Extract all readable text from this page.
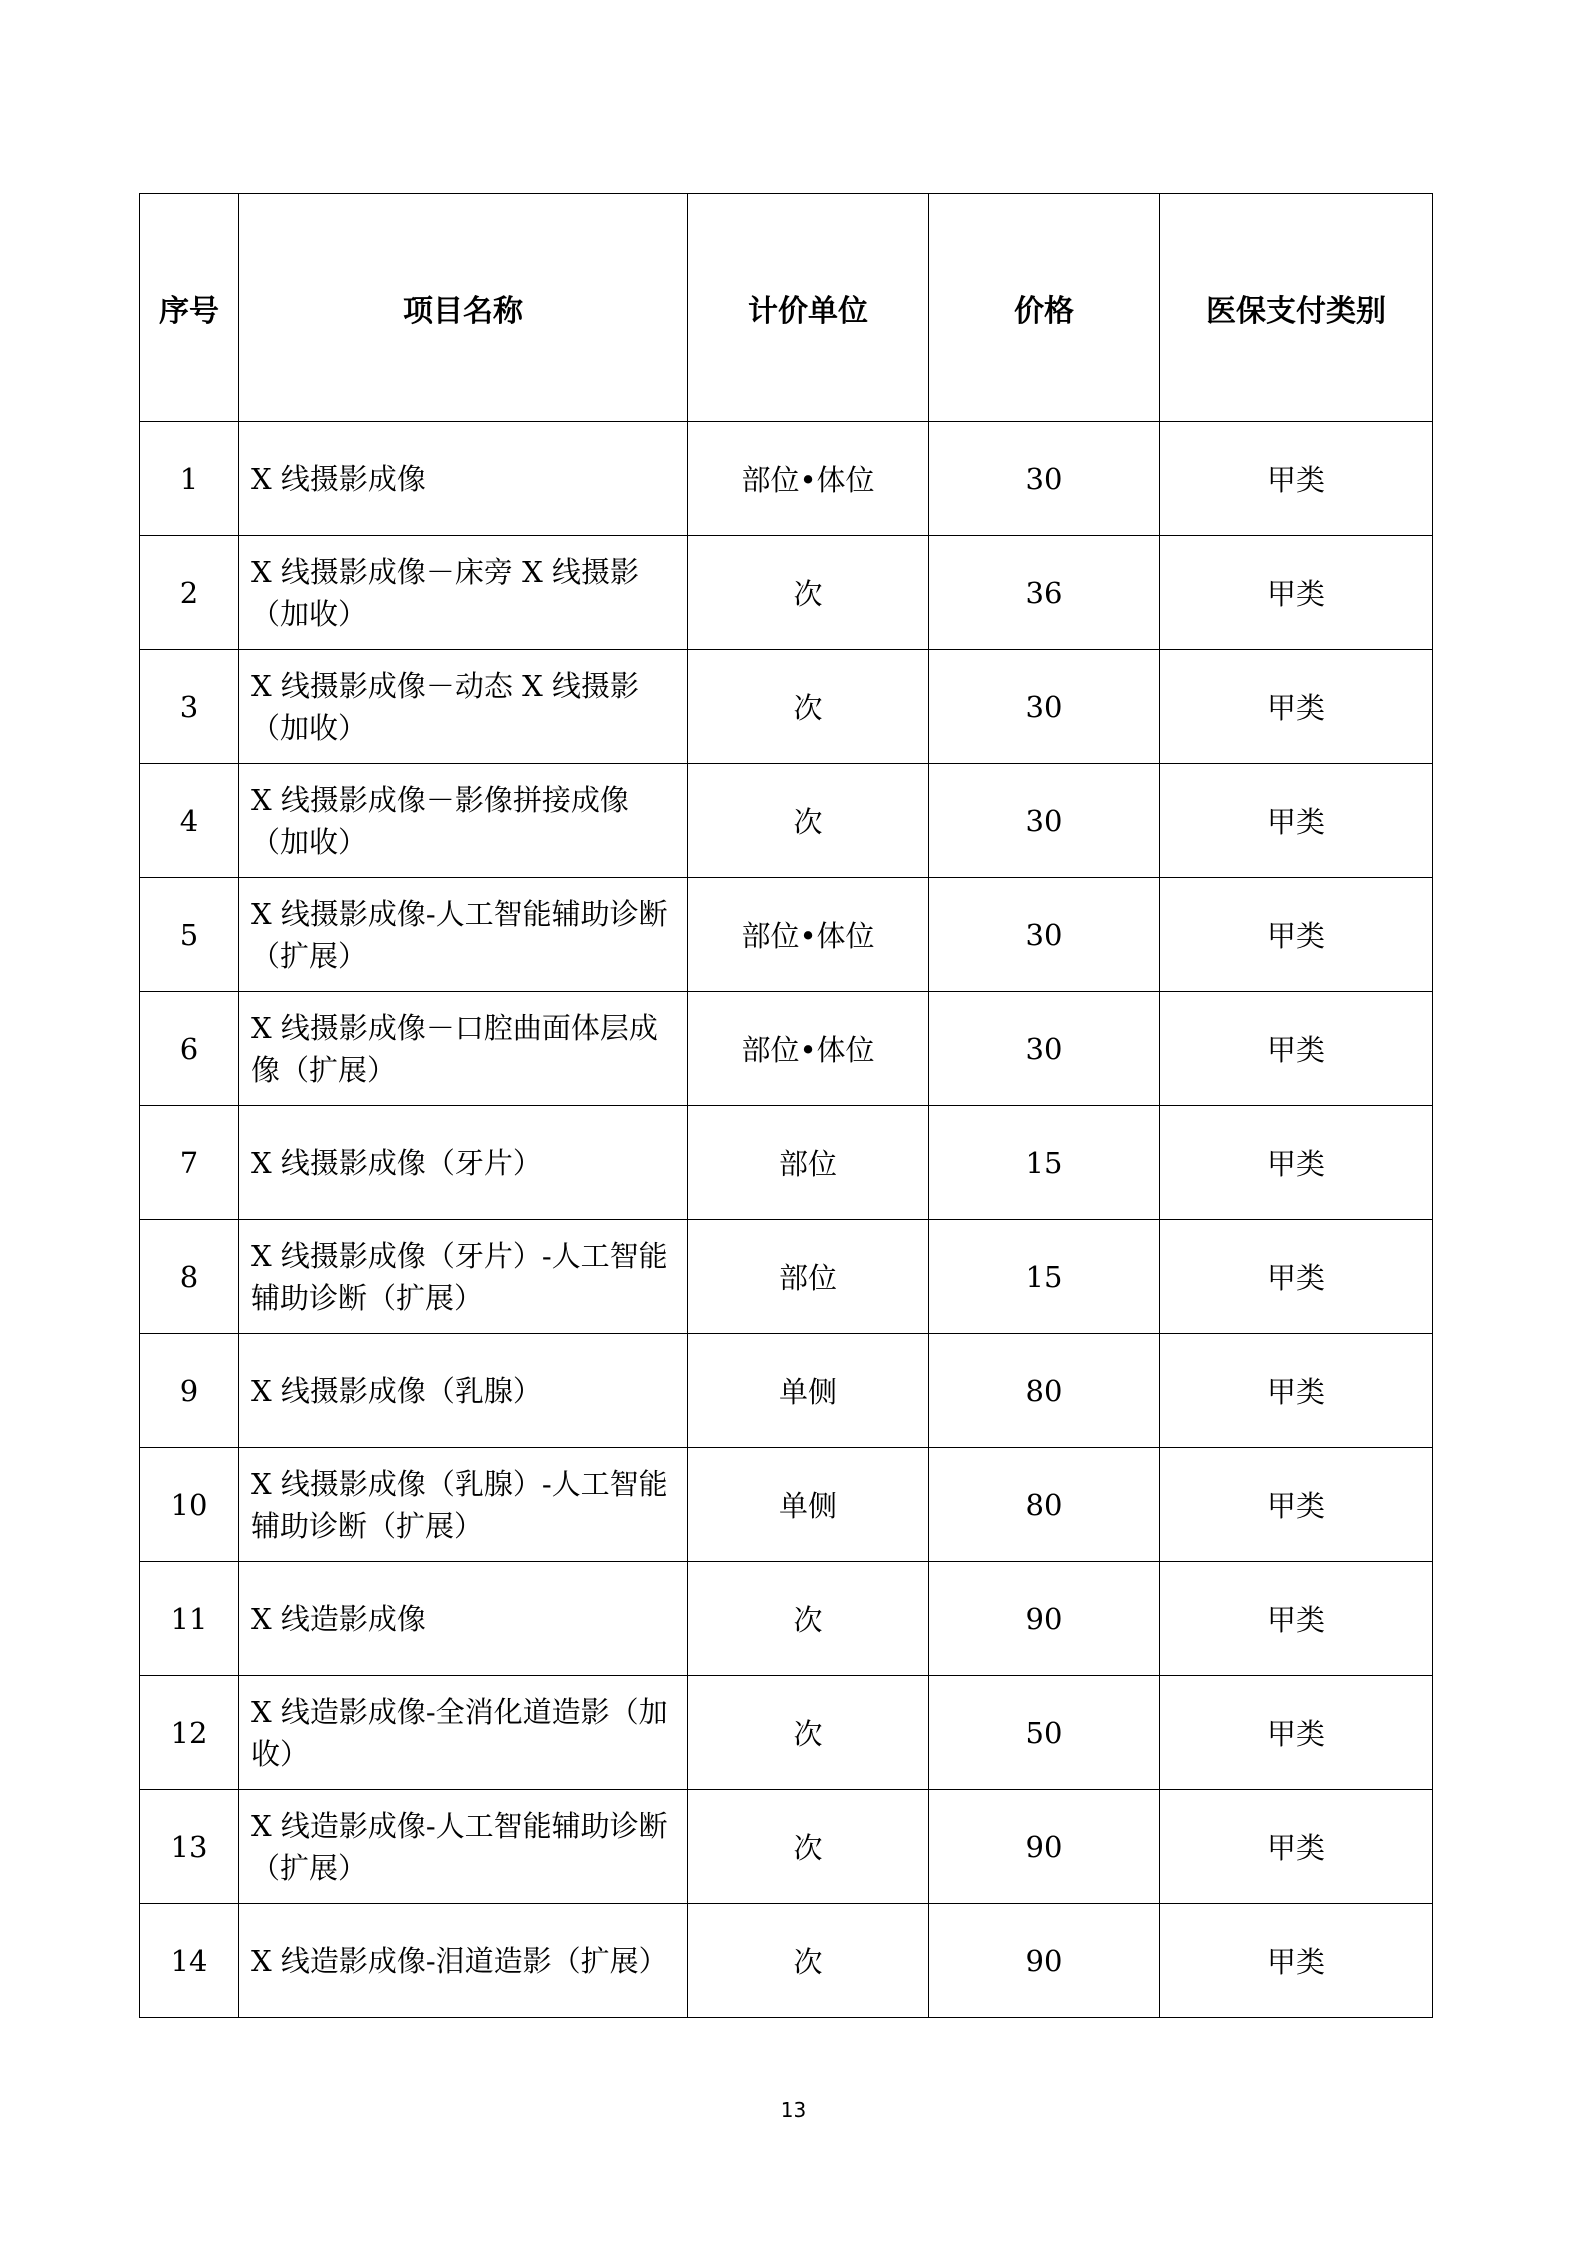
序号	项目名称	计价单位	价格	医保支付类别
1	X 线摄影成像	部位•体位	30	甲类
2	X 线摄影成像－床旁 X 线摄影（加收）	次	36	甲类
3	X 线摄影成像－动态 X 线摄影（加收）	次	30	甲类
4	X 线摄影成像－影像拼接成像（加收）	次	30	甲类
5	X 线摄影成像-人工智能辅助诊断（扩展）	部位•体位	30	甲类
6	X 线摄影成像－口腔曲面体层成像（扩展）	部位•体位	30	甲类
7	X 线摄影成像（牙片）	部位	15	甲类
8	X 线摄影成像（牙片）-人工智能辅助诊断（扩展）	部位	15	甲类
9	X 线摄影成像（乳腺）	单侧	80	甲类
10	X 线摄影成像（乳腺）-人工智能辅助诊断（扩展）	单侧	80	甲类
11	X 线造影成像	次	90	甲类
12	X 线造影成像-全消化道造影（加收）	次	50	甲类
13	X 线造影成像-人工智能辅助诊断（扩展）	次	90	甲类
14	X 线造影成像-泪道造影（扩展）	次	90	甲类
13
